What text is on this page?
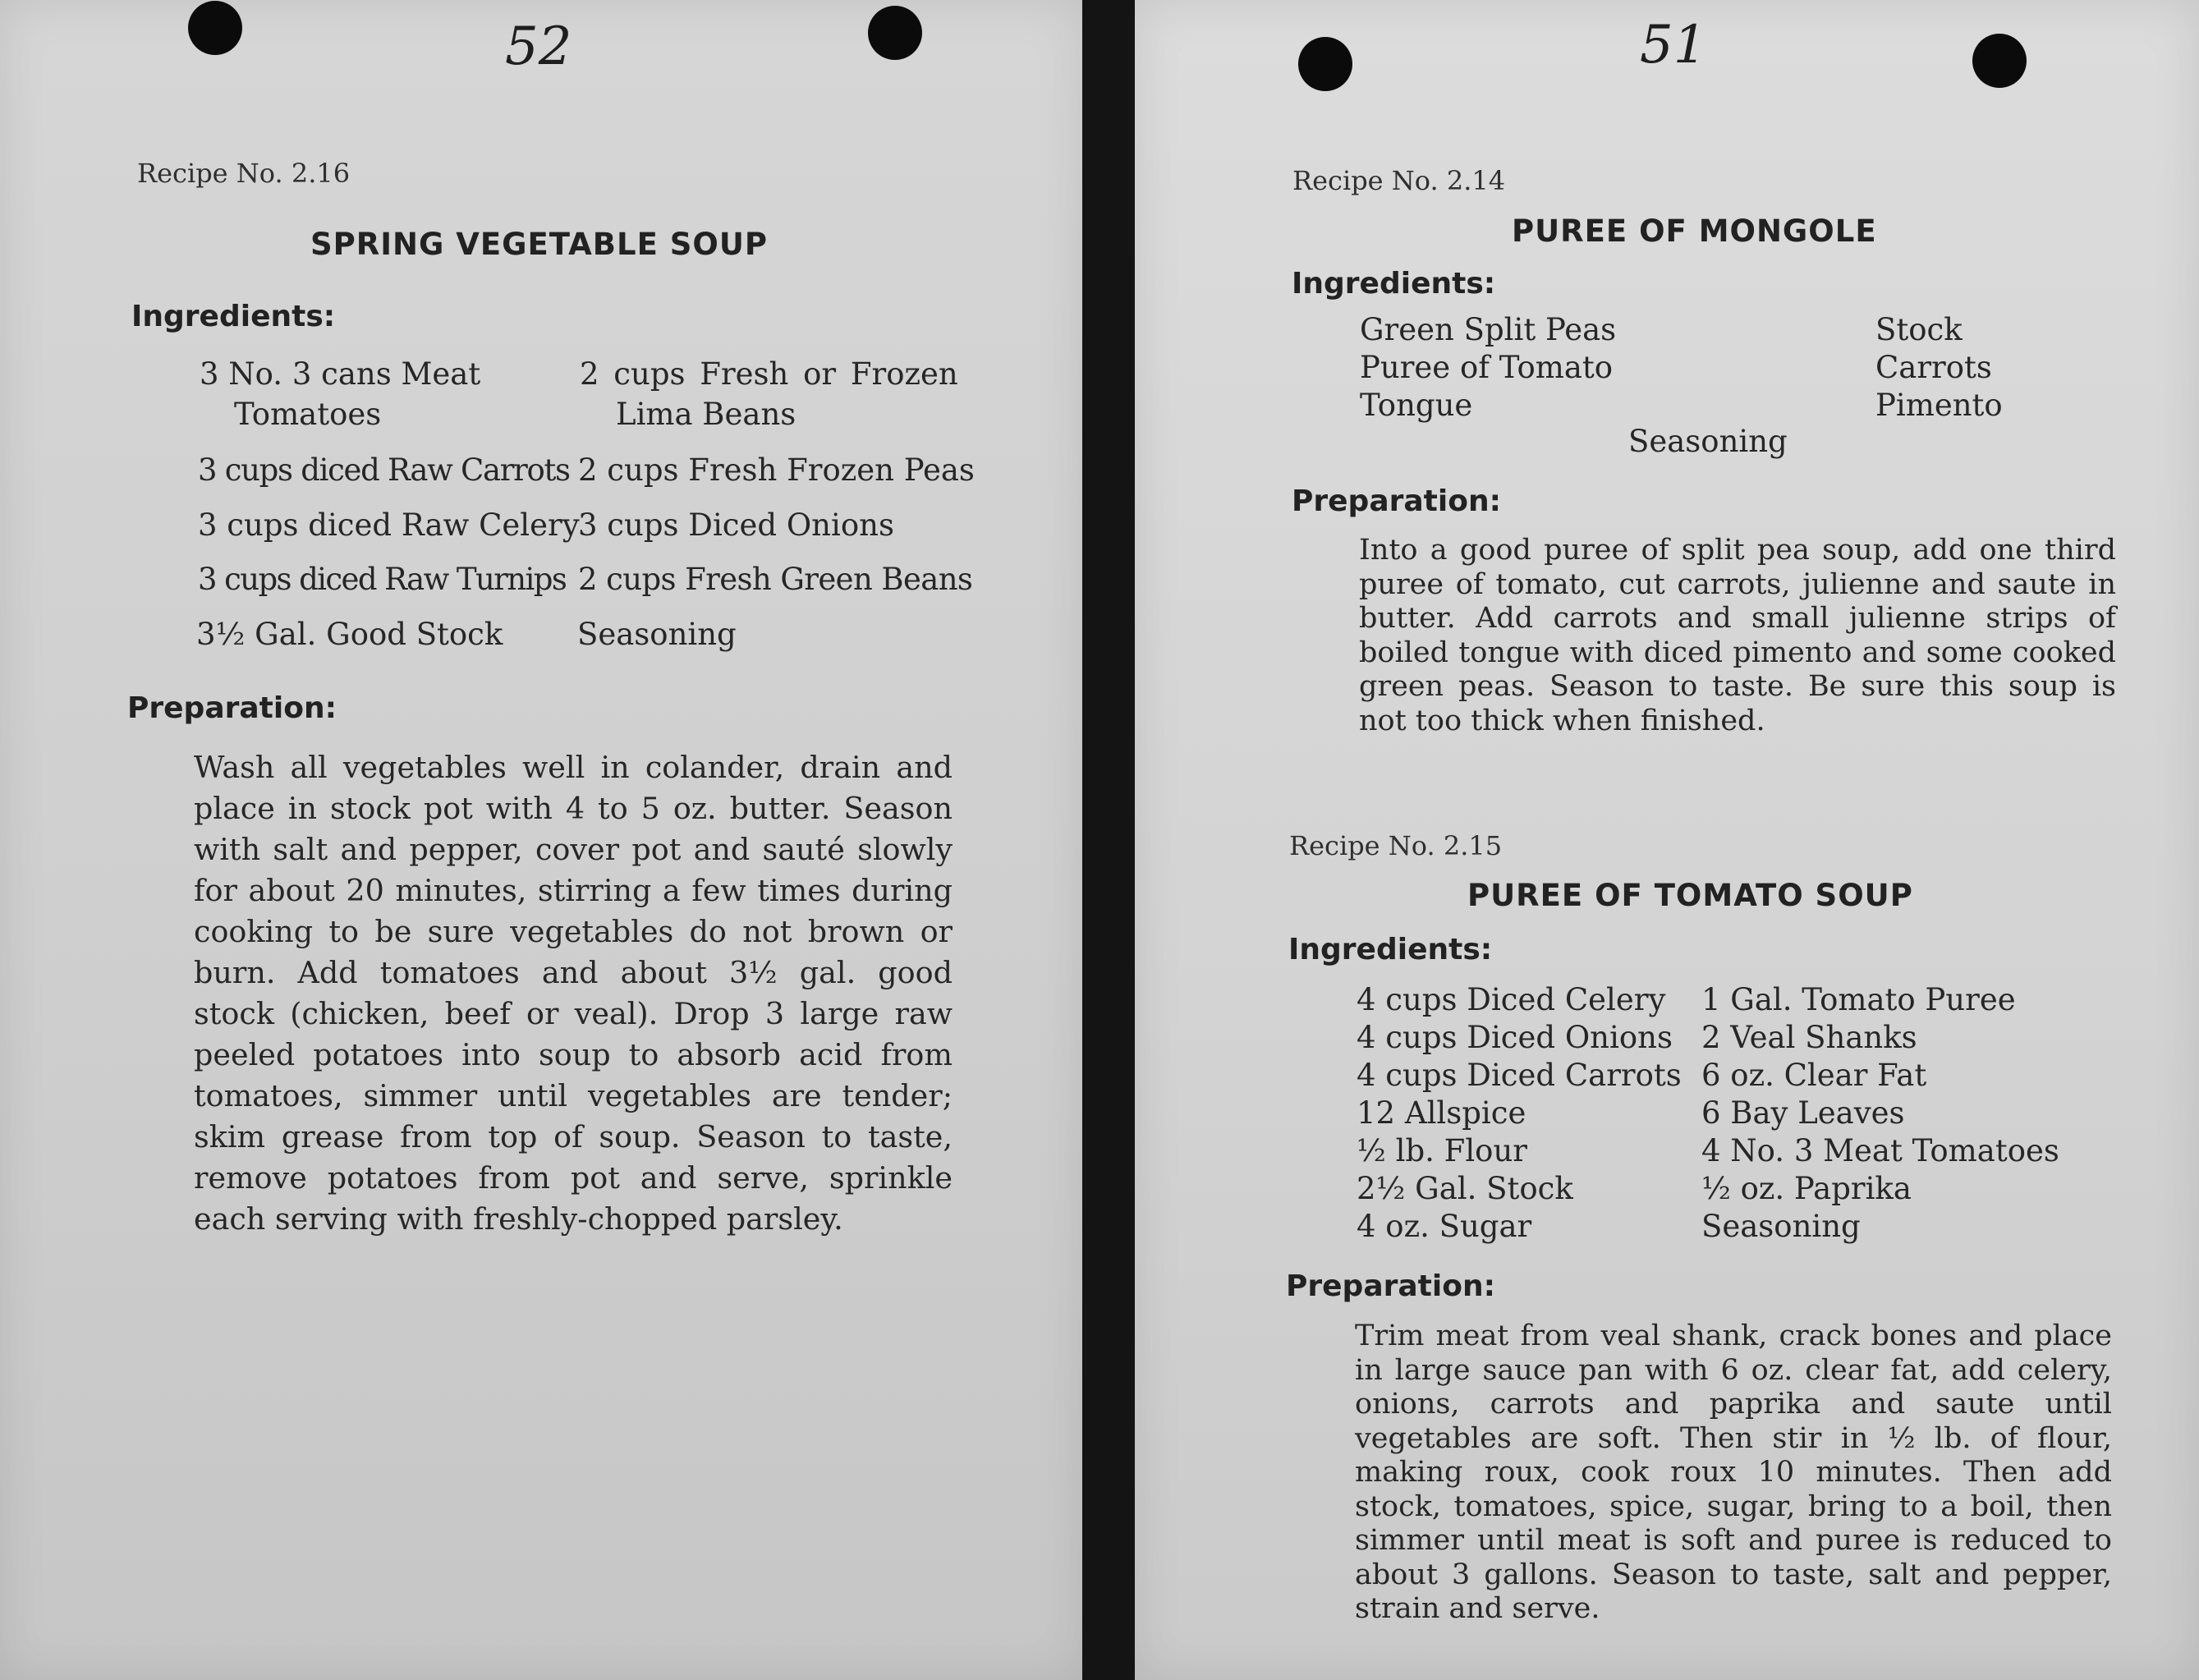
52
Recipe No. 2.16
SPRING VEGETABLE SOUP
Ingredients:
3 No. 3 cans Meat	2 cups Fresh or Frozen
Tomatoes	Lima Beans
3 cups diced Raw Carrots 2 cups Fresh Frozen Peas
3 cups diced Raw Celery
3 cups Diced Onions
3 cups diced Raw Turnips 2 cups Fresh Green Beans
3½ Gal. Good Stock Seasoning
Preparation:
Wash all vegetables well in colander, drain and place in stock pot with 4 to 5 oz. butter. Season with salt and pepper, cover pot and sauté slowly for about 20 minutes, stirring a few times during cooking to be sure vegetables do not brown or burn. Add tomatoes and about 3½ gal. good stock (chicken, beef or veal). Drop 3 large raw peeled potatoes into soup to absorb acid from tomatoes, simmer until vegetables are tender; skim grease from top of soup. Season to taste, remove potatoes from pot and serve, sprinkle each serving with freshly-chopped parsley.
51
Recipe No. 2.14
PUREE OF MONGOLE
Ingredients:
Green Split Peas
Puree of Tomato
Tongue
Stock
Carrots
Pimento
Seasoning
Preparation:
Into a good puree of split pea soup, add one third puree of tomato, cut carrots, julienne and saute in butter. Add carrots and small julienne strips of boiled tongue with diced pimento and some cooked green peas. Season to taste. Be sure this soup is not too thick when finished.
Recipe No. 2.15
PUREE OF TOMATO SOUP
Ingredients:
4 cups Diced Celery
4 cups Diced Onions
4 cups Diced Carrots
12 Allspice
½ lb. Flour
2½ Gal. Stock
4 oz. Sugar
1 Gal. Tomato Puree
2 Veal Shanks
6 oz. Clear Fat
6 Bay Leaves
4 No. 3 Meat Tomatoes
½ oz. Paprika
Seasoning
Preparation:
Trim meat from veal shank, crack bones and place in large sauce pan with 6 oz. clear fat, add celery, onions, carrots and paprika and saute until vegetables are soft. Then stir in ½ lb. of flour, making roux, cook roux 10 minutes. Then add stock, tomatoes, spice, sugar, bring to a boil, then simmer until meat is soft and puree is reduced to about 3 gallons. Season to taste, salt and pepper, strain and serve.
